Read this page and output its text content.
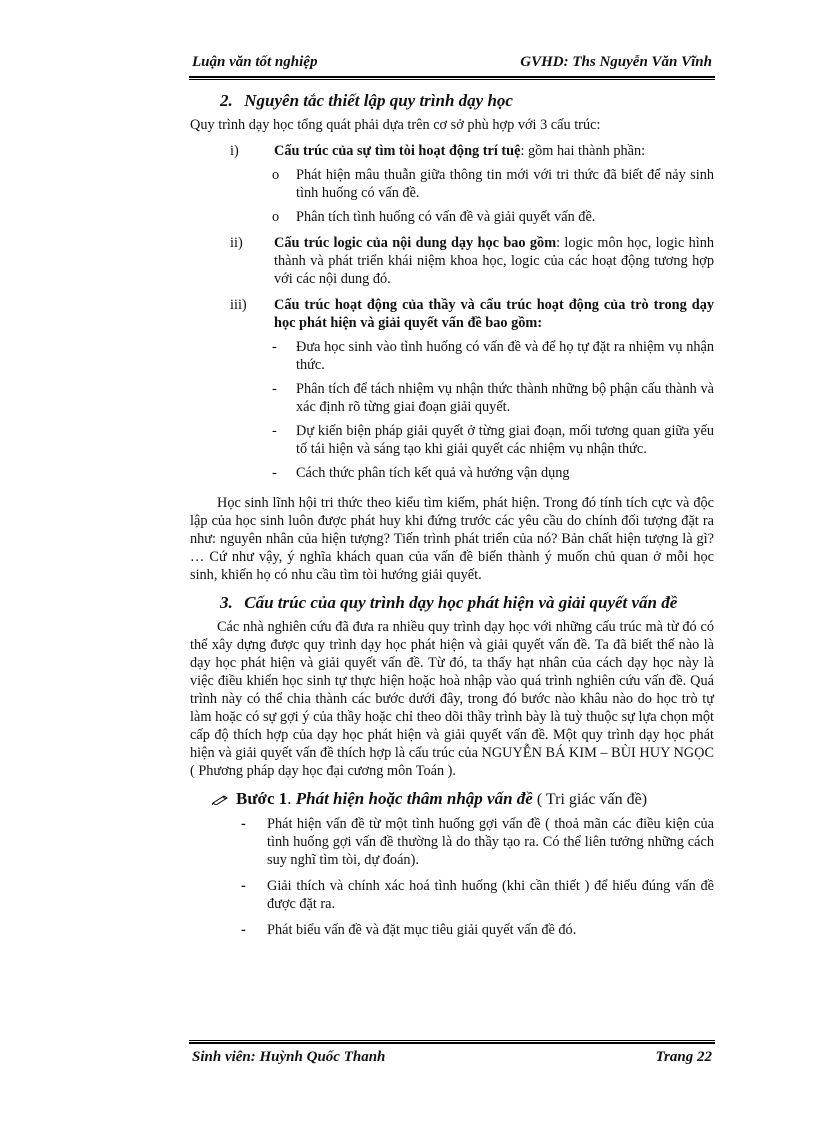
Luận văn tốt nghiệp	GVHD: Ths Nguyễn Văn Vĩnh
2. Nguyên tắc thiết lập quy trình dạy học

Quy trình dạy học tổng quát phải dựa trên cơ sở phù hợp với 3 cấu trúc:

i) Cấu trúc của sự tìm tòi hoạt động trí tuệ: gồm hai thành phần:
o Phát hiện mâu thuẫn giữa thông tin mới với tri thức đã biết để nảy sinh tình huống có vấn đề.
o Phân tích tình huống có vấn đề và giải quyết vấn đề.
ii) Cấu trúc logic của nội dung dạy học bao gồm: logic môn học, logic hình thành và phát triển khái niệm khoa học, logic của các hoạt động tương hợp với các nội dung đó.
iii) Cấu trúc hoạt động của thầy và cấu trúc hoạt động của trò trong dạy học phát hiện và giải quyết vấn đề bao gồm:
- Đưa học sinh vào tình huống có vấn đề và để họ tự đặt ra nhiệm vụ nhận thức.
- Phân tích để tách nhiệm vụ nhận thức thành những bộ phận cấu thành và xác định rõ từng giai đoạn giải quyết.
- Dự kiến biện pháp giải quyết ở từng giai đoạn, mối tương quan giữa yếu tố tái hiện và sáng tạo khi giải quyết các nhiệm vụ nhận thức.
- Cách thức phân tích kết quả và hướng vận dụng

Học sinh lĩnh hội tri thức theo kiểu tìm kiếm, phát hiện. Trong đó tính tích cực và độc lập của học sinh luôn được phát huy khi đứng trước các yêu cầu do chính đối tượng đặt ra như: nguyên nhân của hiện tượng? Tiến trình phát triển của nó? Bản chất hiện tượng là gì? … Cứ như vậy, ý nghĩa khách quan của vấn đề biến thành ý muốn chủ quan ở mỗi học sinh, khiến họ có nhu cầu tìm tòi hướng giải quyết.

3. Cấu trúc của quy trình dạy học phát hiện và giải quyết vấn đề

Các nhà nghiên cứu đã đưa ra nhiều quy trình dạy học với những cấu trúc mà từ đó có thể xây dựng được quy trình dạy học phát hiện và giải quyết vấn đề. Ta đã biết thế nào là dạy học phát hiện và giải quyết vấn đề. Từ đó, ta thấy hạt nhân của cách dạy học này là việc điều khiển học sinh tự thực hiện hoặc hoà nhập vào quá trình nghiên cứu vấn đề. Quá trình này có thể chia thành các bước dưới đây, trong đó bước nào khâu nào do học trò tự làm hoặc có sự gợi ý của thầy hoặc chỉ theo dõi thầy trình bày là tuỳ thuộc sự lựa chọn một cấp độ thích hợp của dạy học phát hiện và giải quyết vấn đề. Một quy trình dạy học phát hiện và giải quyết vấn đề thích hợp là cấu trúc của NGUYỄN BÁ KIM – BÙI HUY NGỌC ( Phương pháp dạy học đại cương môn Toán ).

Bước 1. Phát hiện hoặc thâm nhập vấn đề ( Tri giác vấn đề)
- Phát hiện vấn đề từ một tình huống gợi vấn đề ( thoả mãn các điều kiện của tình huống gợi vấn đề thường là do thầy tạo ra. Có thể liên tưởng những cách suy nghĩ tìm tòi, dự đoán).
- Giải thích và chính xác hoá tình huống (khi cần thiết ) để hiểu đúng vấn đề được đặt ra.
- Phát biểu vấn đề và đặt mục tiêu giải quyết vấn đề đó.
Sinh viên: Huỳnh Quốc Thanh	Trang 22
